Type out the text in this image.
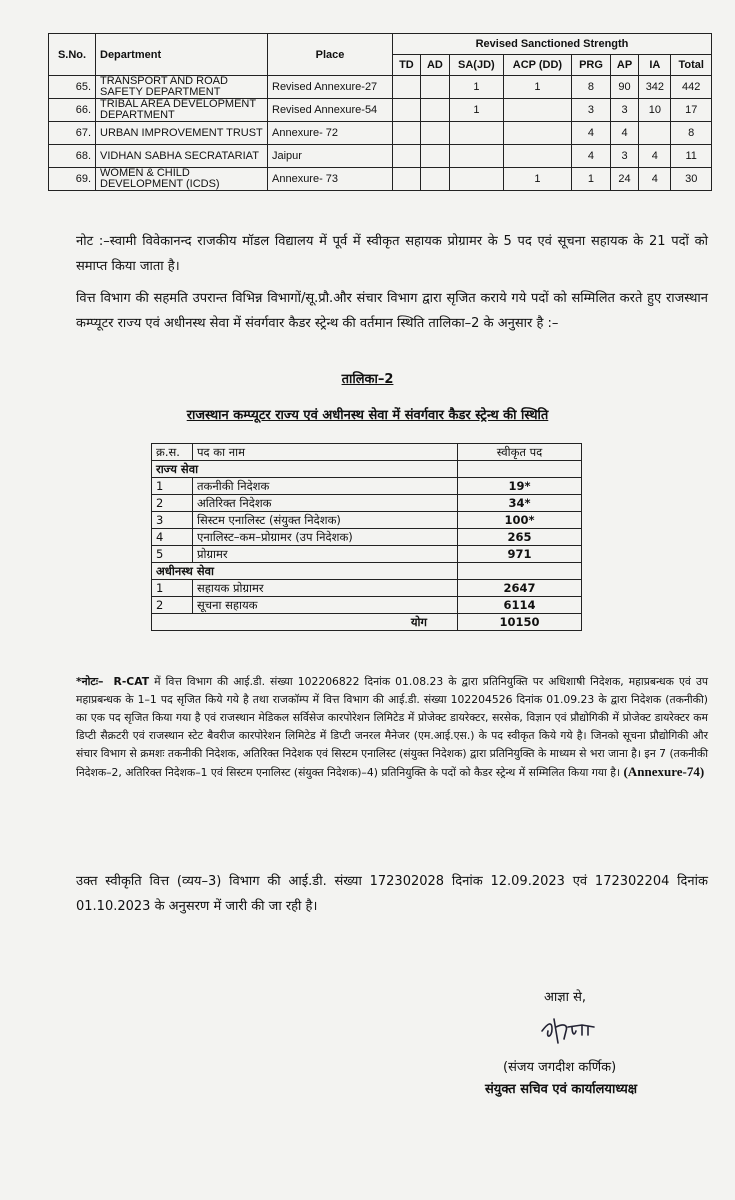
S.No.	Department	Place	Revised Sanctioned Strength							
			TD	AD	SA(JD)	ACP (DD)	PRG	AP	IA	Total
65.	TRANSPORT AND ROAD SAFETY DEPARTMENT	Revised Annexure-27			1	1	8	90	342	442
66.	TRIBAL AREA DEVELOPMENT DEPARTMENT	Revised Annexure-54			1		3	3	10	17
67.	URBAN IMPROVEMENT TRUST	Annexure- 72					4	4		8
68.	VIDHAN SABHA SECRATARIAT	Jaipur					4	3	4	11
69.	WOMEN & CHILD DEVELOPMENT (ICDS)	Annexure- 73				1	1	24	4	30
नोट :–स्वामी विवेकानन्द राजकीय मॉडल विद्यालय में पूर्व में स्वीकृत सहायक प्रोग्रामर के 5 पद एवं सूचना सहायक के 21 पदों को समाप्त किया जाता है।
वित्त विभाग की सहमति उपरान्त विभिन्न विभागों/सू.प्रौ.और संचार विभाग द्वारा सृजित कराये गये पदों को सम्मिलित करते हुए राजस्थान कम्प्यूटर राज्य एवं अधीनस्थ सेवा में संवर्गवार कैडर स्ट्रेन्थ की वर्तमान स्थिति तालिका–2 के अनुसार है :–
तालिका–2
राजस्थान कम्प्यूटर राज्य एवं अधीनस्थ सेवा में संवर्गवार कैडर स्ट्रेन्थ की स्थिति
क्र.स.	पद का नाम	स्वीकृत पद
राज्य सेवा		
1	तकनीकी निदेशक	19*
2	अतिरिक्त निदेशक	34*
3	सिस्टम एनालिस्ट (संयुक्त निदेशक)	100*
4	एनालिस्ट–कम–प्रोग्रामर (उप निदेशक)	265
5	प्रोग्रामर	971
अधीनस्थ सेवा		
1	सहायक प्रोग्रामर	2647
2	सूचना सहायक	6114
योग		10150
*नोटः– R-CAT में वित्त विभाग की आई.डी. संख्या 102206822 दिनांक 01.08.23 के द्वारा प्रतिनियुक्ति पर अधिशाषी निदेशक, महाप्रबन्धक एवं उप महाप्रबन्धक के 1–1 पद सृजित किये गये है तथा राजकॉम्प में वित्त विभाग की आई.डी. संख्या 102204526 दिनांक 01.09.23 के द्वारा निदेशक (तकनीकी) का एक पद सृजित किया गया है एवं राजस्थान मेडिकल सर्विसेज कारपोरेशन लिमिटेड में प्रोजेक्ट डायरेक्टर, सरसेक, विज्ञान एवं प्रौद्योगिकी में प्रोजेक्ट डायरेक्टर कम डिप्टी सैक्रटरी एवं राजस्थान स्टेट बैवरीज कारपोरेशन लिमिटेड में डिप्टी जनरल मैनेजर (एम.आई.एस.) के पद स्वीकृत किये गये है। जिनको सूचना प्रौद्योगिकी और संचार विभाग से क्रमशः तकनीकी निदेशक, अतिरिक्त निदेशक एवं सिस्टम एनालिस्ट (संयुक्त निदेशक) द्वारा प्रतिनियुक्ति के माध्यम से भरा जाना है। इन 7 (तकनीकी निदेशक–2, अतिरिक्त निदेशक–1 एवं सिस्टम एनालिस्ट (संयुक्त निदेशक)–4) प्रतिनियुक्ति के पदों को कैडर स्ट्रेन्थ में सम्मिलित किया गया है। (Annexure-74)
उक्त स्वीकृति वित्त (व्यय–3) विभाग की आई.डी. संख्या 172302028 दिनांक 12.09.2023 एवं 172302204 दिनांक 01.10.2023 के अनुसरण में जारी की जा रही है।
आज्ञा से,
(संजय जगदीश कर्णिक)
संयुक्त सचिव एवं कार्यालयाध्यक्ष
